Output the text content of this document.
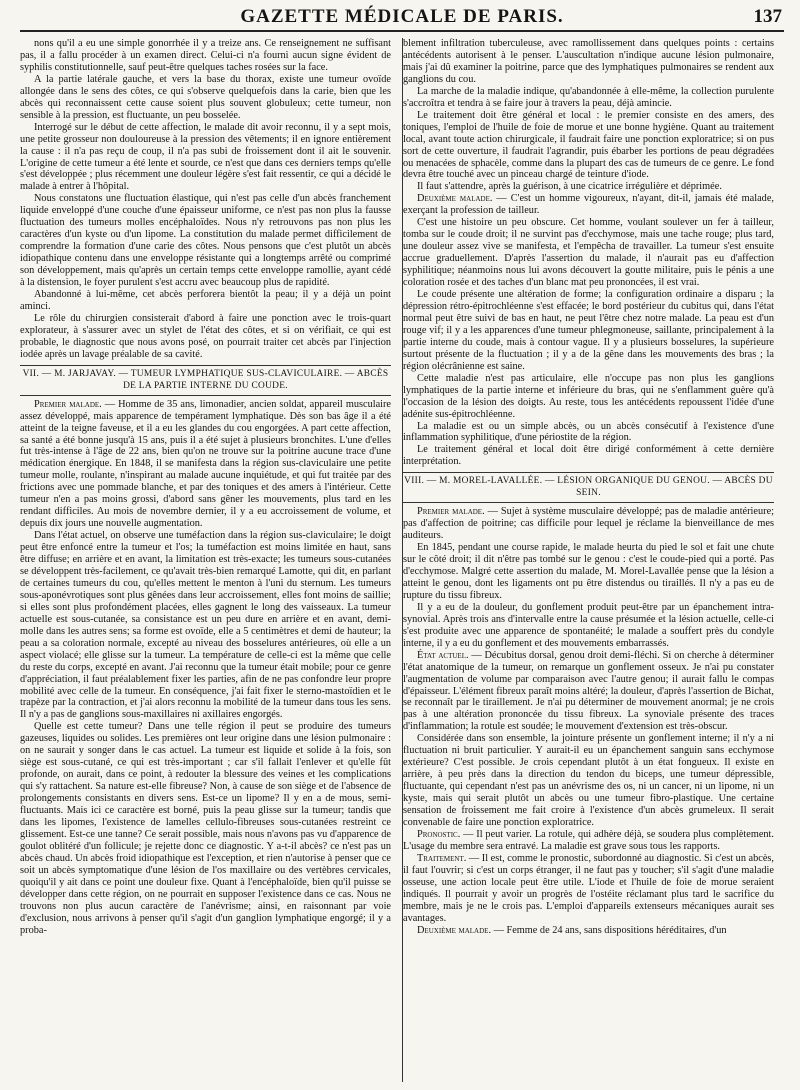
GAZETTE MÉDICALE DE PARIS.	137

nons qu'il a eu une simple gonorrhée il y a treize ans. Ce renseignement ne suffisant pas, il a fallu procéder à un examen direct. Celui-ci n'a fourni aucun signe évident de syphilis constitutionnelle, sauf peut-être quelques taches rosées sur la face.

A la partie latérale gauche, et vers la base du thorax, existe une tumeur ovoïde allongée dans le sens des côtes, ce qui s'observe quelquefois dans la carie, bien que les abcès qui reconnaissent cette cause soient plus souvent globuleux; cette tumeur, non sensible à la pression, est fluctuante, un peu bosselée.

Interrogé sur le début de cette affection, le malade dit avoir reconnu, il y a sept mois, une petite grosseur non douloureuse à la pression des vêtements; il en ignore entièrement la cause : il n'a pas reçu de coup, il n'a pas subi de froissement dont il ait le souvenir. L'origine de cette tumeur a été lente et sourde, ce n'est que dans ces derniers temps qu'elle s'est développée ; plus récemment une douleur légère s'est fait ressentir, ce qui a décidé le malade à entrer à l'hôpital.

Nous constatons une fluctuation élastique, qui n'est pas celle d'un abcès franchement liquide enveloppé d'une couche d'une épaisseur uniforme, ce n'est pas non plus la fausse fluctuation des tumeurs molles encéphaloïdes. Nous n'y retrouvons pas non plus les caractères d'un kyste ou d'un lipome. La constitution du malade permet difficilement de comprendre la formation d'une carie des côtes. Nous pensons que c'est plutôt un abcès idiopathique contenu dans une enveloppe résistante qui a longtemps arrêté ou comprimé son développement, mais qu'après un certain temps cette enveloppe ramollie, ayant cédé à la distension, le foyer purulent s'est accru avec beaucoup plus de rapidité.

Abandonné à lui-même, cet abcès perforera bientôt la peau; il y a déjà un point aminci.

Le rôle du chirurgien consisterait d'abord à faire une ponction avec le trois-quart explorateur, à s'assurer avec un stylet de l'état des côtes, et si on vérifiait, ce qui est probable, le diagnostic que nous avons posé, on pourrait traiter cet abcès par l'injection iodée après un lavage préalable de sa cavité.

VII. — M. JARJAVAY. — TUMEUR LYMPHATIQUE SUS-CLAVICULAIRE. — ABCÈS DE LA PARTIE INTERNE DU COUDE.

Premier malade. — Homme de 35 ans, limonadier, ancien soldat, appareil musculaire assez développé, mais apparence de tempérament lymphatique. Dès son bas âge il a été atteint de la teigne faveuse, et il a eu les glandes du cou engorgées. A part cette affection, sa santé a été bonne jusqu'à 15 ans, puis il a été sujet à plusieurs bronchites. L'une d'elles fut très-intense à l'âge de 22 ans, bien qu'on ne trouve sur la poitrine aucune trace d'une médication énergique. En 1848, il se manifesta dans la région sus-claviculaire une petite tumeur molle, roulante, n'inspirant au malade aucune inquiétude, et qui fut traitée par des frictions avec une pommade blanche, et par des toniques et des amers à l'intérieur. Cette tumeur n'en a pas moins grossi, d'abord sans gêner les mouvements, plus tard en les rendant difficiles. Au mois de novembre dernier, il y a eu accroissement de volume, et depuis dix jours une nouvelle augmentation.

Dans l'état actuel, on observe une tuméfaction dans la région sus-claviculaire; le doigt peut être enfoncé entre la tumeur et l'os; la tuméfaction est moins limitée en haut, sans être diffuse; en arrière et en avant, la limitation est très-exacte; les tumeurs sous-cutanées se développent très-facilement, ce qu'avait très-bien remarqué Lamotte, qui dit, en parlant de certaines tumeurs du cou, qu'elles mettent le menton à l'uni du sternum. Les tumeurs sous-aponévrotiques sont plus gênées dans leur accroissement, elles font moins de saillie; si elles sont plus profondément placées, elles gagnent le long des vaisseaux. La tumeur actuelle est sous-cutanée, sa consistance est un peu dure en arrière et en avant, demi-molle dans les autres sens; sa forme est ovoïde, elle a 5 centimètres et demi de hauteur; la peau a sa coloration normale, excepté au niveau des bosselures antérieures, où elle a un aspect violacé; elle glisse sur la tumeur. La température de celle-ci est la même que celle du reste du corps, excepté en avant. J'ai reconnu que la tumeur était mobile; pour ce genre d'appréciation, il faut préalablement fixer les parties, afin de ne pas confondre leur propre mobilité avec celle de la tumeur. En conséquence, j'ai fait fixer le sterno-mastoïdien et le trapèze par la contraction, et j'ai alors reconnu la mobilité de la tumeur dans tous les sens. Il n'y a pas de ganglions sous-maxillaires ni axillaires engorgés.

Quelle est cette tumeur? Dans une telle région il peut se produire des tumeurs gazeuses, liquides ou solides. Les premières ont leur origine dans une lésion pulmonaire : on ne saurait y songer dans le cas actuel. La tumeur est liquide et solide à la fois, son siège est sous-cutané, ce qui est très-important ; car s'il fallait l'enlever et qu'elle fût profonde, on aurait, dans ce point, à redouter la blessure des veines et les complications qui s'y rattachent. Sa nature est-elle fibreuse? Non, à cause de son siège et de l'absence de prolongements consistants en divers sens. Est-ce un lipome? Il y en a de mous, semi-fluctuants. Mais ici ce caractère est borné, puis la peau glisse sur la tumeur; tandis que dans les lipomes, l'existence de lamelles cellulo-fibreuses sous-cutanées restreint ce glissement. Est-ce une tanne? Ce serait possible, mais nous n'avons pas vu d'apparence de goulot oblitéré d'un follicule; je rejette donc ce diagnostic. Y a-t-il abcès? ce n'est pas un abcès chaud. Un abcès froid idiopathique est l'exception, et rien n'autorise à penser que ce soit un abcès symptomatique d'une lésion de l'os maxillaire ou des vertèbres cervicales, quoiqu'il y ait dans ce point une douleur fixe. Quant à l'encéphaloïde, bien qu'il puisse se développer dans cette région, on ne pourrait en supposer l'existence dans ce cas. Nous ne trouvons non plus aucun caractère de l'anévrisme; ainsi, en raisonnant par voie d'exclusion, nous arrivons à penser qu'il s'agit d'un ganglion lymphatique engorgé; il y a proba-

blement infiltration tuberculeuse, avec ramollissement dans quelques points : certains antécédents autorisent à le penser. L'auscultation n'indique aucune lésion pulmonaire, mais j'ai dû examiner la poitrine, parce que des lymphatiques pulmonaires se rendent aux ganglions du cou.

La marche de la maladie indique, qu'abandonnée à elle-même, la collection purulente s'accroîtra et tendra à se faire jour à travers la peau, déjà amincie.

Le traitement doit être général et local : le premier consiste en des amers, des toniques, l'emploi de l'huile de foie de morue et une bonne hygiène. Quant au traitement local, avant toute action chirurgicale, il faudrait faire une ponction exploratrice; si on pus sort de cette ouverture, il faudrait l'agrandir, puis ébarber les portions de peau dégradées ou menacées de sphacèle, comme dans la plupart des cas de tumeurs de ce genre. Le fond devra être touché avec un pinceau chargé de teinture d'iode.

Il faut s'attendre, après la guérison, à une cicatrice irrégulière et déprimée.

Deuxième malade. — C'est un homme vigoureux, n'ayant, dit-il, jamais été malade, exerçant la profession de tailleur.

C'est une histoire un peu obscure. Cet homme, voulant soulever un fer à tailleur, tomba sur le coude droit; il ne survint pas d'ecchymose, mais une tache rouge; plus tard, une douleur assez vive se manifesta, et l'empêcha de travailler. La tumeur s'est ensuite accrue graduellement. D'après l'assertion du malade, il n'aurait pas eu d'affection syphilitique; néanmoins nous lui avons découvert la goutte militaire, puis le pénis a une coloration rosée et des taches d'un blanc mat peu prononcées, il est vrai.

Le coude présente une altération de forme; la configuration ordinaire a disparu ; la dépression rétro-épitrochléenne s'est effacée; le bord postérieur du cubitus qui, dans l'état normal peut être suivi de bas en haut, ne peut l'être chez notre malade. La peau est d'un rouge vif; il y a les apparences d'une tumeur phlegmoneuse, saillante, principalement à la partie interne du coude, mais à contour vague. Il y a plusieurs bosselures, la supérieure surtout présente de la fluctuation ; il y a de la gêne dans les mouvements des bras ; la région olécrânienne est saine.

Cette maladie n'est pas articulaire, elle n'occupe pas non plus les ganglions lymphatiques de la partie interne et inférieure du bras, qui ne s'enflamment guère qu'à l'occasion de la lésion des doigts. Au reste, tous les antécédents repoussent l'idée d'une adénite sus-épitrochléenne.

La maladie est ou un simple abcès, ou un abcès consécutif à l'existence d'une inflammation syphilitique, d'une périostite de la région.

Le traitement général et local doit être dirigé conformément à cette dernière interprétation.

VIII. — M. MOREL-LAVALLÉE. — LÉSION ORGANIQUE DU GENOU. — ABCÈS DU SEIN.

Premier malade. — Sujet à système musculaire développé; pas de maladie antérieure; pas d'affection de poitrine; cas difficile pour lequel je réclame la bienveillance de mes auditeurs.

En 1845, pendant une course rapide, le malade heurta du pied le sol et fait une chute sur le côté droit; il dit n'être pas tombé sur le genou : c'est le coude-pied qui a porté. Pas d'ecchymose. Malgré cette assertion du malade, M. Morel-Lavallée pense que la lésion a atteint le genou, dont les ligaments ont pu être distendus ou tiraillés. Il n'y a pas eu de rupture du tissu fibreux.

Il y a eu de la douleur, du gonflement produit peut-être par un épanchement intra-synovial. Après trois ans d'intervalle entre la cause présumée et la lésion actuelle, celle-ci s'est produite avec une apparence de spontanéité; le malade a souffert près du condyle interne, il y a eu du gonflement et des mouvements embarrassés.

État actuel. — Décubitus dorsal, genou droit demi-fléchi. Si on cherche à déterminer l'état anatomique de la tumeur, on remarque un gonflement osseux. Je n'ai pu constater l'augmentation de volume par comparaison avec l'autre genou; il aurait fallu le compas d'épaisseur. L'élément fibreux paraît moins altéré; la douleur, d'après l'assertion de Bichat, se reconnaît par le tiraillement. Je n'ai pu déterminer de mouvement anormal; je ne crois pas à une altération prononcée du tissu fibreux. La synoviale présente des traces d'inflammation; la rotule est soudée; le mouvement d'extension est très-obscur.

Considérée dans son ensemble, la jointure présente un gonflement interne; il n'y a ni fluctuation ni bruit particulier. Y aurait-il eu un épanchement sanguin sans ecchymose extérieure? C'est possible. Je crois cependant plutôt à un état fongueux. Il existe en arrière, à peu près dans la direction du tendon du biceps, une tumeur dépressible, fluctuante, qui cependant n'est pas un anévrisme des os, ni un cancer, ni un lipome, ni un kyste, mais qui serait plutôt un abcès ou une tumeur fibro-plastique. Une certaine sensation de froissement me fait croire à l'existence d'un abcès grumeleux. Il serait convenable de faire une ponction exploratrice.

Pronostic. — Il peut varier. La rotule, qui adhère déjà, se soudera plus complètement. L'usage du membre sera entravé. La maladie est grave sous tous les rapports.

Traitement. — Il est, comme le pronostic, subordonné au diagnostic. Si c'est un abcès, il faut l'ouvrir; si c'est un corps étranger, il ne faut pas y toucher; s'il s'agit d'une maladie osseuse, une action locale peut être utile. L'iode et l'huile de foie de morue seraient indiqués. Il pourrait y avoir un progrès de l'ostéite réclamant plus tard le sacrifice du membre, mais je ne le crois pas. L'emploi d'appareils extenseurs mécaniques aurait ses avantages.

Deuxième malade. — Femme de 24 ans, sans dispositions héréditaires, d'un
